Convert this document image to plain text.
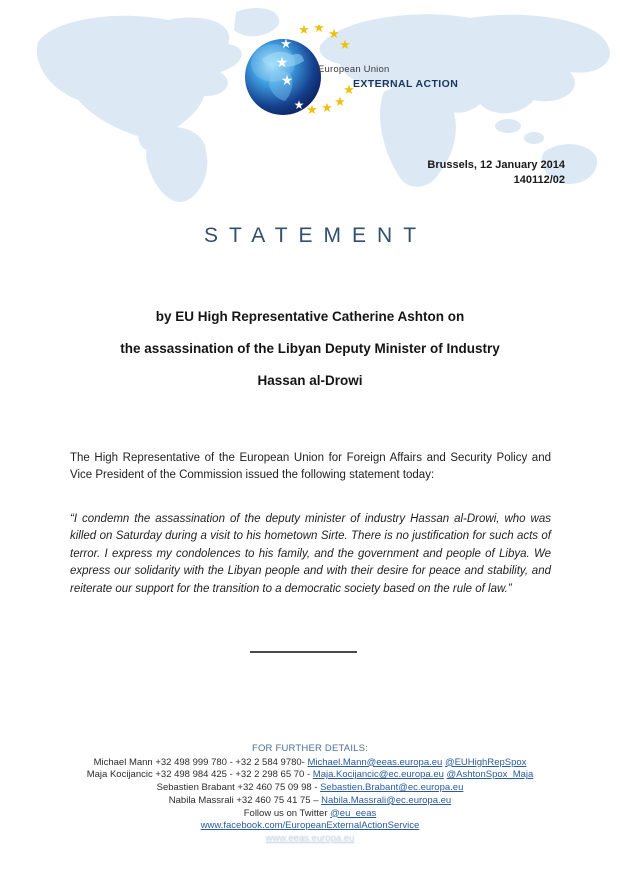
★
★
★
★
★
★ ★ ★
★
★
★
★
★
European Union
EXTERNAL ACTION
Brussels, 12 January 2014
140112/02
STATEMENT
by EU High Representative Catherine Ashton on
the assassination of the Libyan Deputy Minister of Industry
Hassan al-Drowi

The High Representative of the European Union for Foreign Affairs and Security Policy and Vice President of the Commission issued the following statement today:

“I condemn the assassination of the deputy minister of industry Hassan al-Drowi, who was killed on Saturday during a visit to his hometown Sirte. There is no justification for such acts of terror. I express my condolences to his family, and the government and people of Libya. We express our solidarity with the Libyan people and with their desire for peace and stability, and reiterate our support for the transition to a democratic society based on the rule of law.”

FOR FURTHER DETAILS:
Michael Mann +32 498 999 780 - +32 2 584 9780- Michael.Mann@eeas.europa.eu @EUHighRepSpox
Maja Kocijancic +32 498 984 425 - +32 2 298 65 70 - Maja.Kocijancic@ec.europa.eu @AshtonSpox_Maja
Sebastien Brabant +32 460 75 09 98 - Sebastien.Brabant@ec.europa.eu
Nabila Massrali +32 460 75 41 75 – Nabila.Massrali@ec.europa.eu
Follow us on Twitter @eu_eeas
www.facebook.com/EuropeanExternalActionService
www.eeas.europa.eu
